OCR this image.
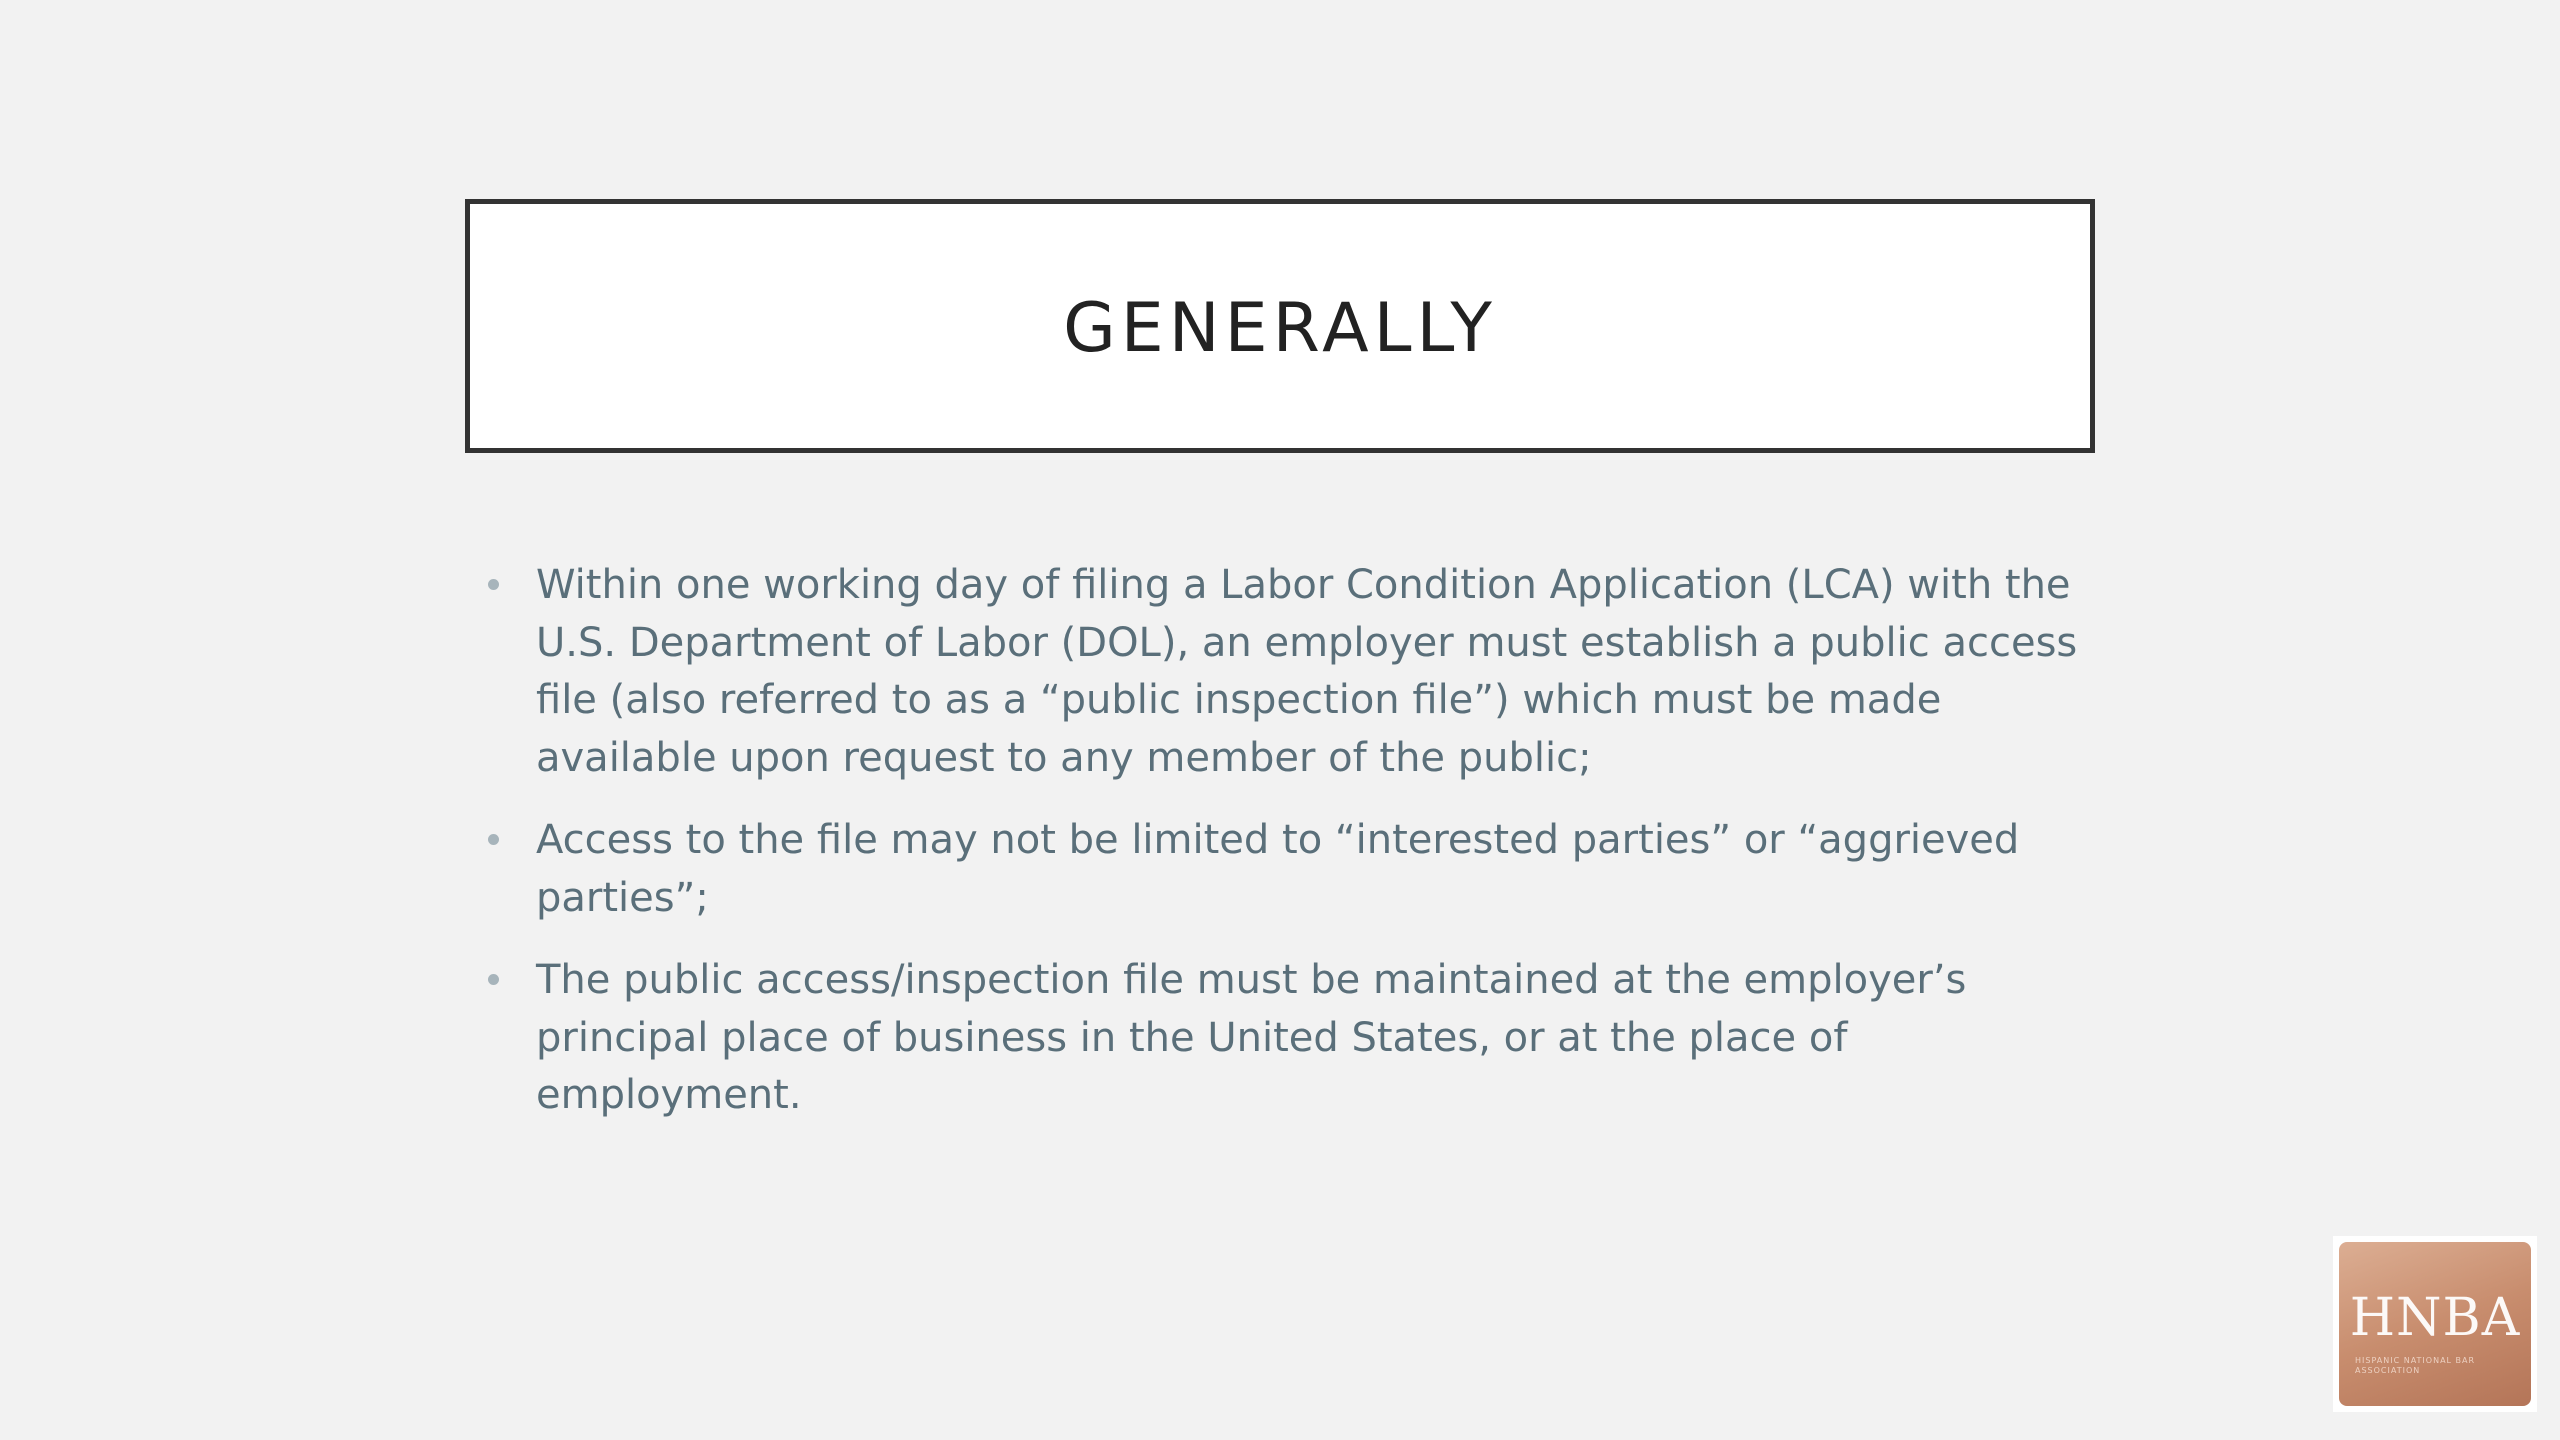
GENERALLY
Within one working day of filing a Labor Condition Application (LCA) with the U.S. Department of Labor (DOL), an employer must establish a public access file (also referred to as a “public inspection file”) which must be made available upon request to any member of the public;
Access to the file may not be limited to “interested parties” or “aggrieved parties”;
The public access/inspection file must be maintained at the employer’s principal place of business in the United States, or at the place of employment.
HNBA
HISPANIC NATIONAL BAR ASSOCIATION
